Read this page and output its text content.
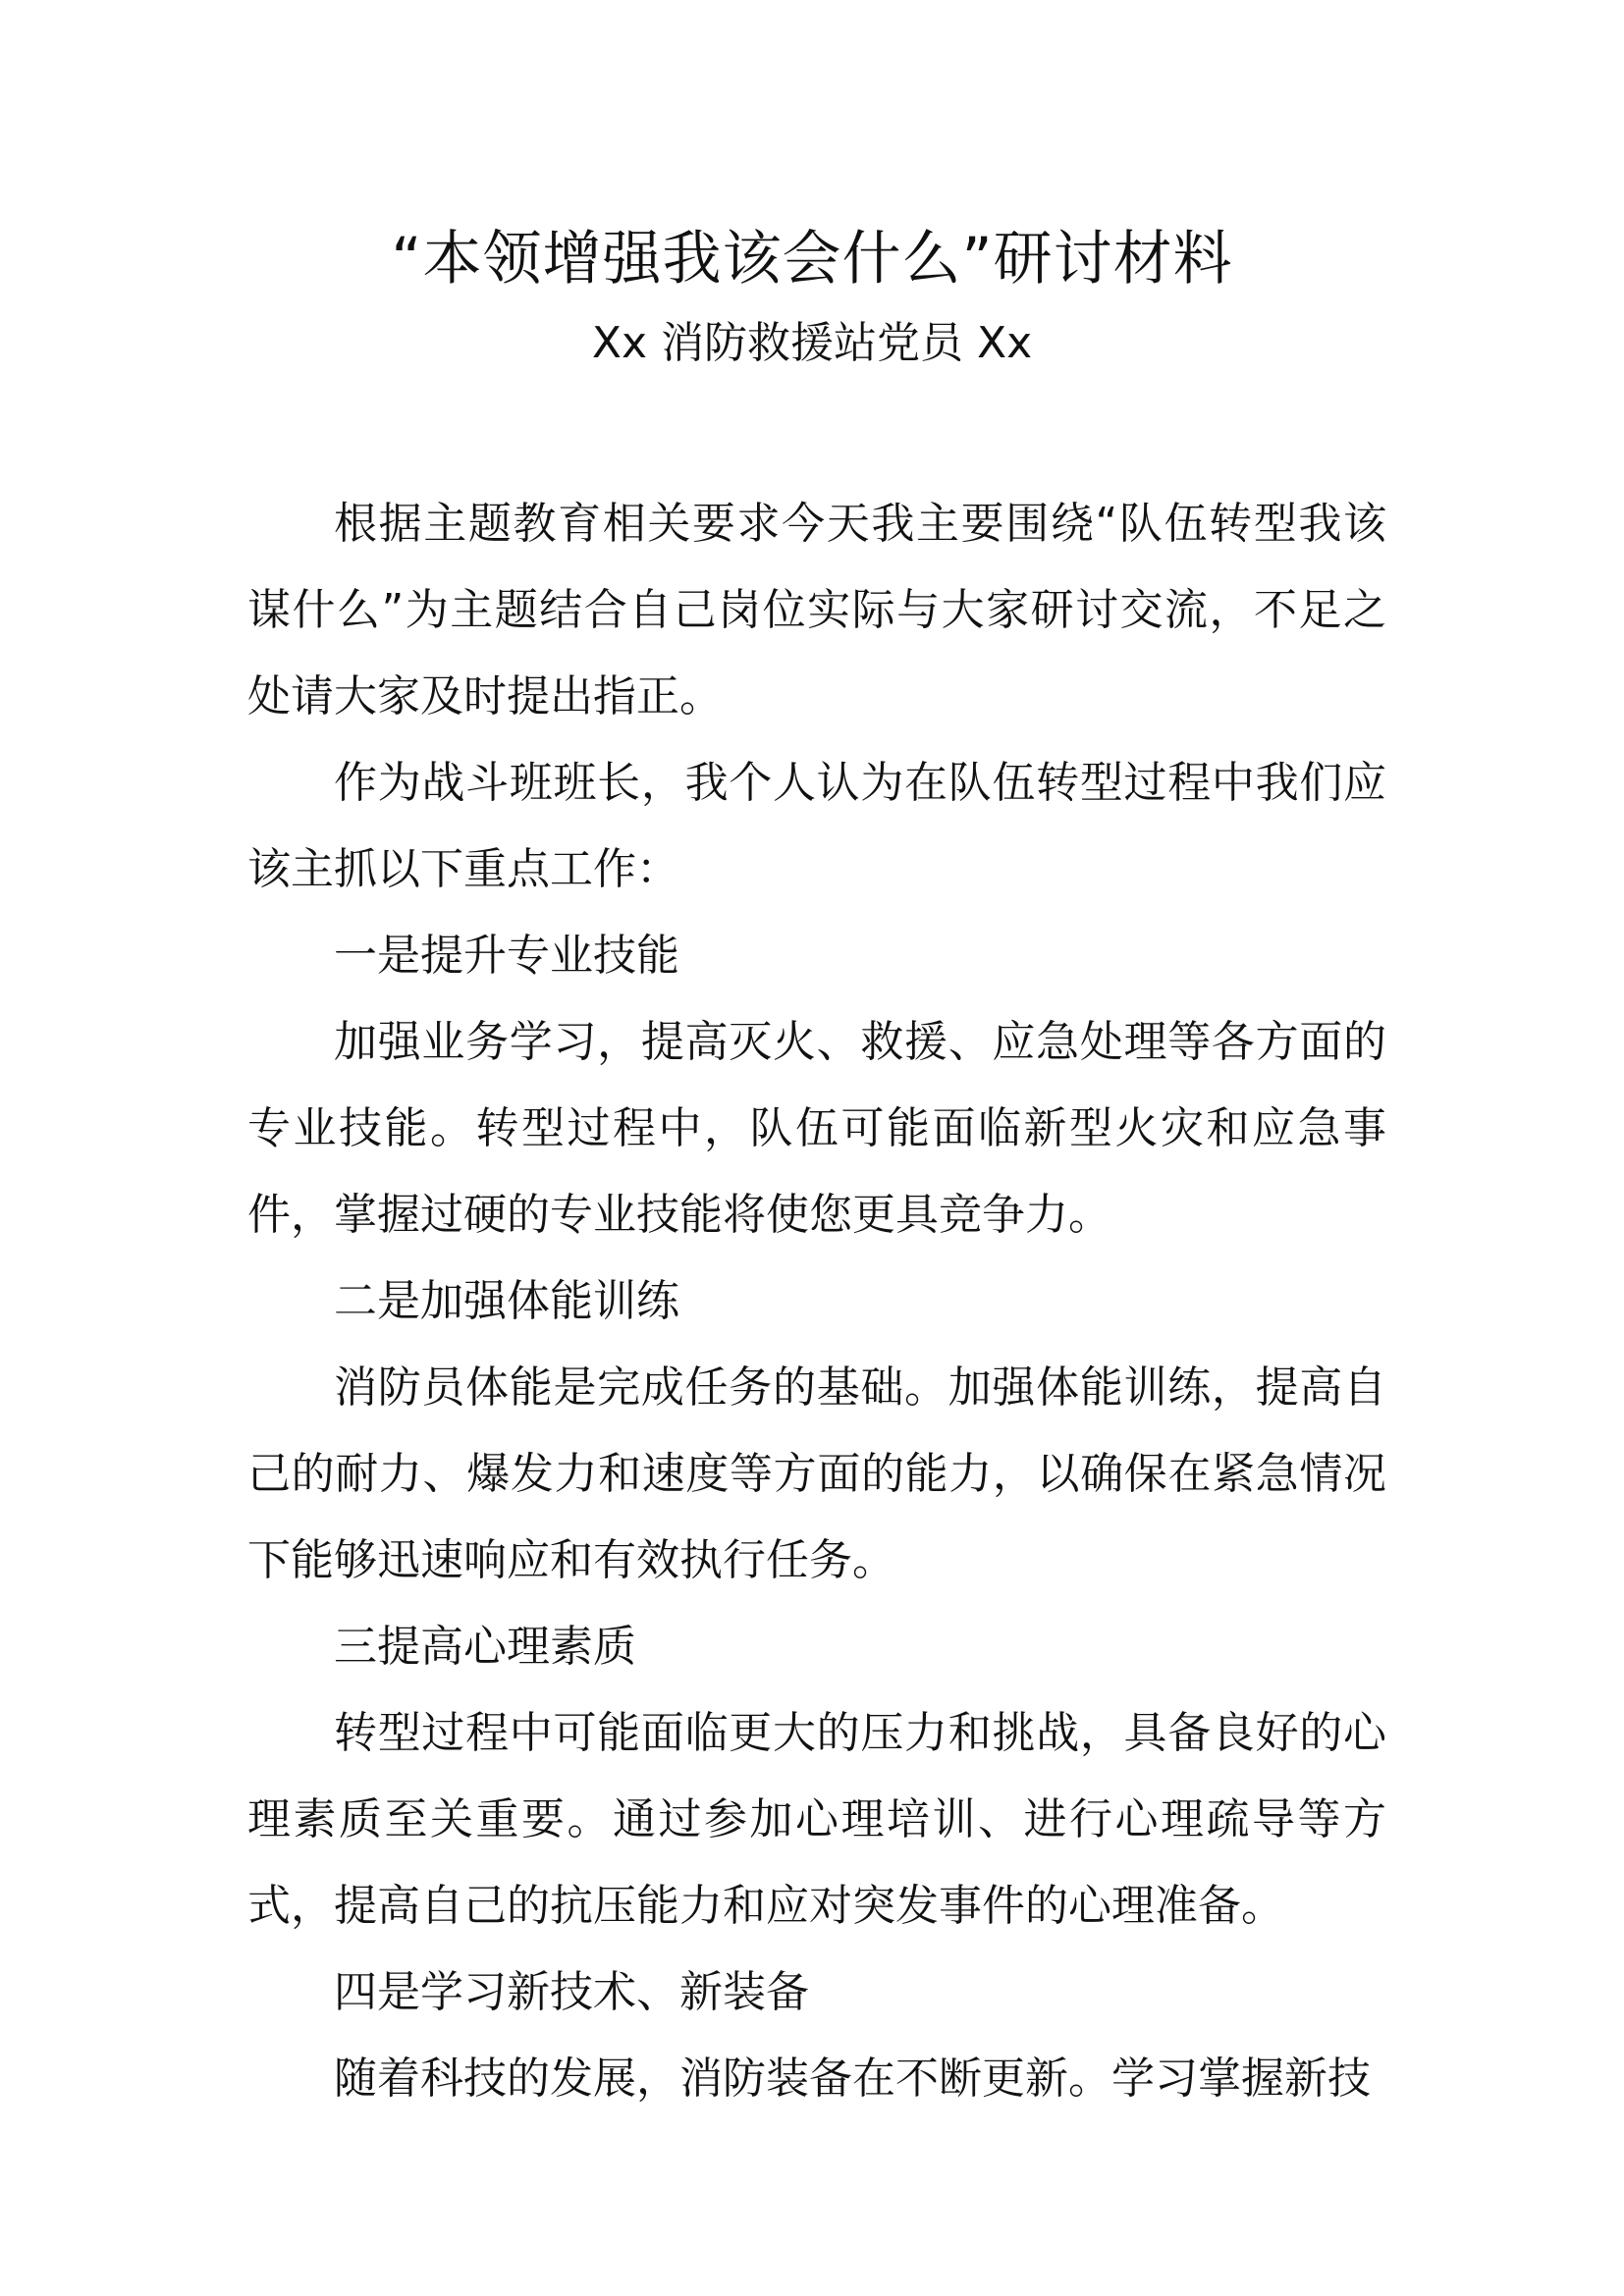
“本领增强我该会什么”研讨材料
Xx 消防救援站党员 Xx

根据主题教育相关要求今天我主要围绕“队伍转型我该谋什么”为主题结合自己岗位实际与大家研讨交流，不足之处请大家及时提出指正。

作为战斗班班长，我个人认为在队伍转型过程中我们应该主抓以下重点工作：

一是提升专业技能

加强业务学习，提高灭火、救援、应急处理等各方面的专业技能。转型过程中，队伍可能面临新型火灾和应急事件，掌握过硬的专业技能将使您更具竞争力。

二是加强体能训练

消防员体能是完成任务的基础。加强体能训练，提高自己的耐力、爆发力和速度等方面的能力，以确保在紧急情况下能够迅速响应和有效执行任务。

三提高心理素质

转型过程中可能面临更大的压力和挑战，具备良好的心理素质至关重要。通过参加心理培训、进行心理疏导等方式，提高自己的抗压能力和应对突发事件的心理准备。

四是学习新技术、新装备

随着科技的发展，消防装备在不断更新。学习掌握新技
